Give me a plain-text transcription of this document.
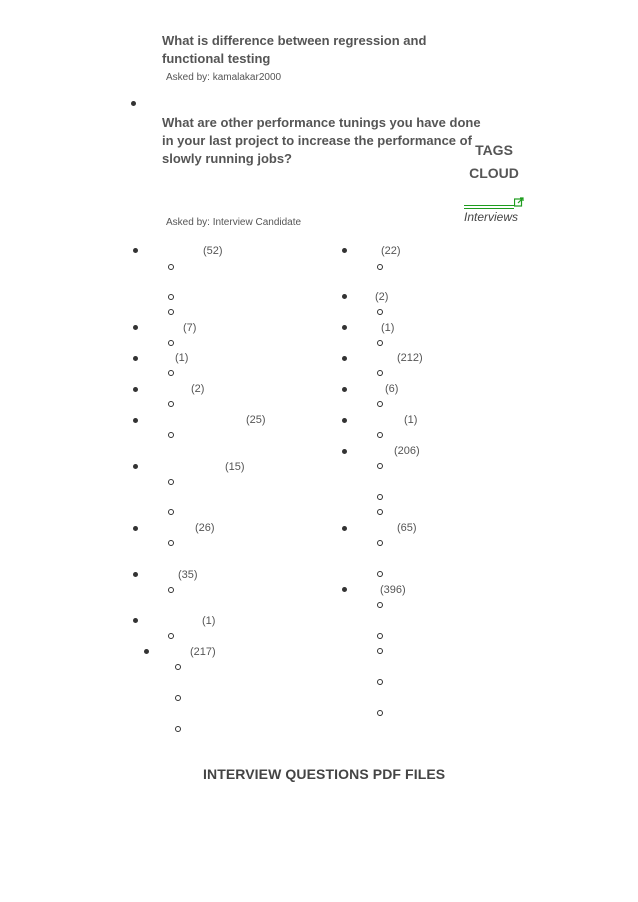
What is difference between regression and
functional testing
Asked by: kamalakar2000
What are other performance tunings you have done
in your last project to increase the performance of
slowly running jobs?
Asked by: Interview Candidate
TAGS
CLOUD
Interviews
(52)
(7)
(1)
(2)
(25)
(15)
(26)
(35)
(1)
(217)
(22)
(2)
(1)
(212)
(6)
(1)
(206)
(65)
(396)
INTERVIEW QUESTIONS PDF FILES
